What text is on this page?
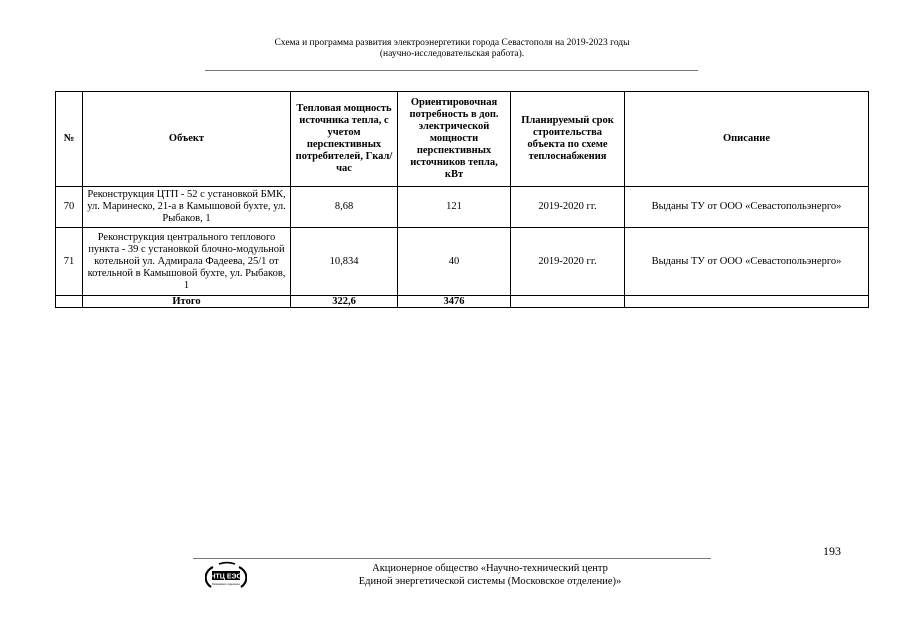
Схема и программа развития электроэнергетики города Севастополя на 2019-2023 годы
(научно-исследовательская работа).
№	Объект	Тепловая мощность источника тепла, с учетом перспективных потребителей, Гкал/час	Ориентировочная потребность в доп. электрической мощности перспективных источников тепла, кВт	Планируемый срок строительства объекта по схеме теплоснабжения	Описание
70	Реконструкция ЦТП - 52 с установкой БМК, ул. Маринеско, 21-а в Камышовой бухте, ул. Рыбаков, 1	8,68	121	2019-2020 гг.	Выданы ТУ от ООО «Севастопольэнерго»
71	Реконструкция центрального теплового пункта - 39 с установкой блочно-модульной котельной ул. Адмирала Фадеева, 25/1 от котельной в Камышовой бухте, ул. Рыбаков, 1	10,834	40	2019-2020 гг.	Выданы ТУ от ООО «Севастопольэнерго»
	Итого	322,6	3476		
193
НТЦ ЕЭС
Московское отделение
Акционерное общество «Научно-технический центр
Единой энергетической системы (Московское отделение)»
